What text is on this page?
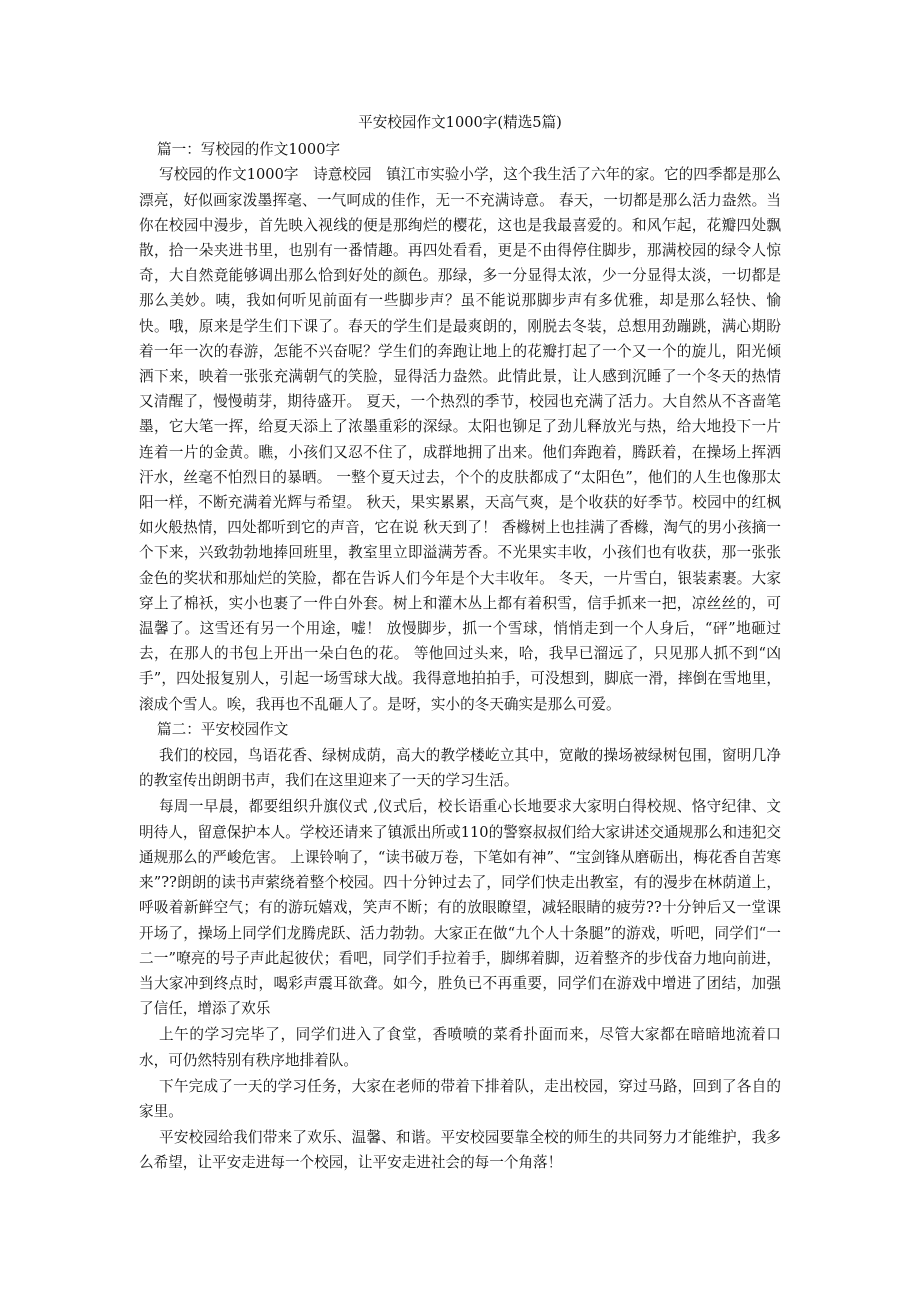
平安校园作文1000字(精选5篇)
篇一：写校园的作文1000字

写校园的作文1000字　诗意校园　镇江市实验小学，这个我生活了六年的家。它的四季都是那么漂亮，好似画家泼墨挥毫、一气呵成的佳作，无一不充满诗意。 春天，一切都是那么活力盎然。当你在校园中漫步，首先映入视线的便是那绚烂的樱花，这也是我最喜爱的。和风乍起，花瓣四处飘散，拾一朵夹进书里，也别有一番情趣。再四处看看，更是不由得停住脚步，那满校园的绿令人惊奇，大自然竟能够调出那么恰到好处的颜色。那绿，多一分显得太浓，少一分显得太淡，一切都是那么美妙。咦，我如何听见前面有一些脚步声？虽不能说那脚步声有多优雅，却是那么轻快、愉快。哦，原来是学生们下课了。春天的学生们是最爽朗的，刚脱去冬装，总想用劲蹦跳，满心期盼着一年一次的春游，怎能不兴奋呢？学生们的奔跑让地上的花瓣打起了一个又一个的旋儿，阳光倾洒下来，映着一张张充满朝气的笑脸，显得活力盎然。此情此景，让人感到沉睡了一个冬天的热情又清醒了，慢慢萌芽，期待盛开。 夏天，一个热烈的季节，校园也充满了活力。大自然从不吝啬笔墨，它大笔一挥，给夏天添上了浓墨重彩的深绿。太阳也铆足了劲儿释放光与热，给大地投下一片连着一片的金黄。瞧，小孩们又忍不住了，成群地拥了出来。他们奔跑着，腾跃着，在操场上挥洒汗水，丝毫不怕烈日的暴晒。 一整个夏天过去，个个的皮肤都成了“太阳色”，他们的人生也像那太阳一样，不断充满着光辉与希望。 秋天，果实累累，天高气爽，是个收获的好季节。校园中的红枫如火般热情，四处都听到它的声音，它在说 秋天到了！ 香橼树上也挂满了香橼，淘气的男小孩摘一个下来，兴致勃勃地捧回班里，教室里立即溢满芳香。不光果实丰收，小孩们也有收获，那一张张金色的奖状和那灿烂的笑脸，都在告诉人们今年是个大丰收年。 冬天，一片雪白，银装素裹。大家穿上了棉袄，实小也裹了一件白外套。树上和灌木丛上都有着积雪，信手抓来一把，凉丝丝的，可温馨了。这雪还有另一个用途，嘘！ 放慢脚步，抓一个雪球，悄悄走到一个人身后，“砰”地砸过去，在那人的书包上开出一朵白色的花。 等他回过头来，哈，我早已溜远了，只见那人抓不到“凶手”，四处报复别人，引起一场雪球大战。我得意地拍拍手，可没想到，脚底一滑，摔倒在雪地里，滚成个雪人。唉，我再也不乱砸人了。是呀，实小的冬天确实是那么可爱。

篇二：平安校园作文

我们的校园，鸟语花香、绿树成荫，高大的教学楼屹立其中，宽敞的操场被绿树包围，窗明几净的教室传出朗朗书声，我们在这里迎来了一天的学习生活。

每周一早晨，都要组织升旗仪式 ,仪式后，校长语重心长地要求大家明白得校规、恪守纪律、文明待人，留意保护本人。学校还请来了镇派出所或110的警察叔叔们给大家讲述交通规那么和违犯交通规那么的严峻危害。 上课铃响了，“读书破万卷，下笔如有神”、“宝剑锋从磨砺出，梅花香自苦寒来”??朗朗的读书声萦绕着整个校园。四十分钟过去了，同学们快走出教室，有的漫步在林荫道上，呼吸着新鲜空气；有的游玩嬉戏，笑声不断；有的放眼瞭望，减轻眼睛的疲劳??十分钟后又一堂课开场了，操场上同学们龙腾虎跃、活力勃勃。大家正在做“九个人十条腿”的游戏，听吧，同学们“一二一”嘹亮的号子声此起彼伏；看吧，同学们手拉着手，脚绑着脚，迈着整齐的步伐奋力地向前进，当大家冲到终点时，喝彩声震耳欲聋。如今，胜负已不再重要，同学们在游戏中增进了团结，加强了信任，增添了欢乐

上午的学习完毕了，同学们进入了食堂，香喷喷的菜肴扑面而来，尽管大家都在暗暗地流着口水，可仍然特别有秩序地排着队。

下午完成了一天的学习任务，大家在老师的带着下排着队，走出校园，穿过马路，回到了各自的家里。

平安校园给我们带来了欢乐、温馨、和谐。平安校园要靠全校的师生的共同努力才能维护，我多么希望，让平安走进每一个校园，让平安走进社会的每一个角落！
